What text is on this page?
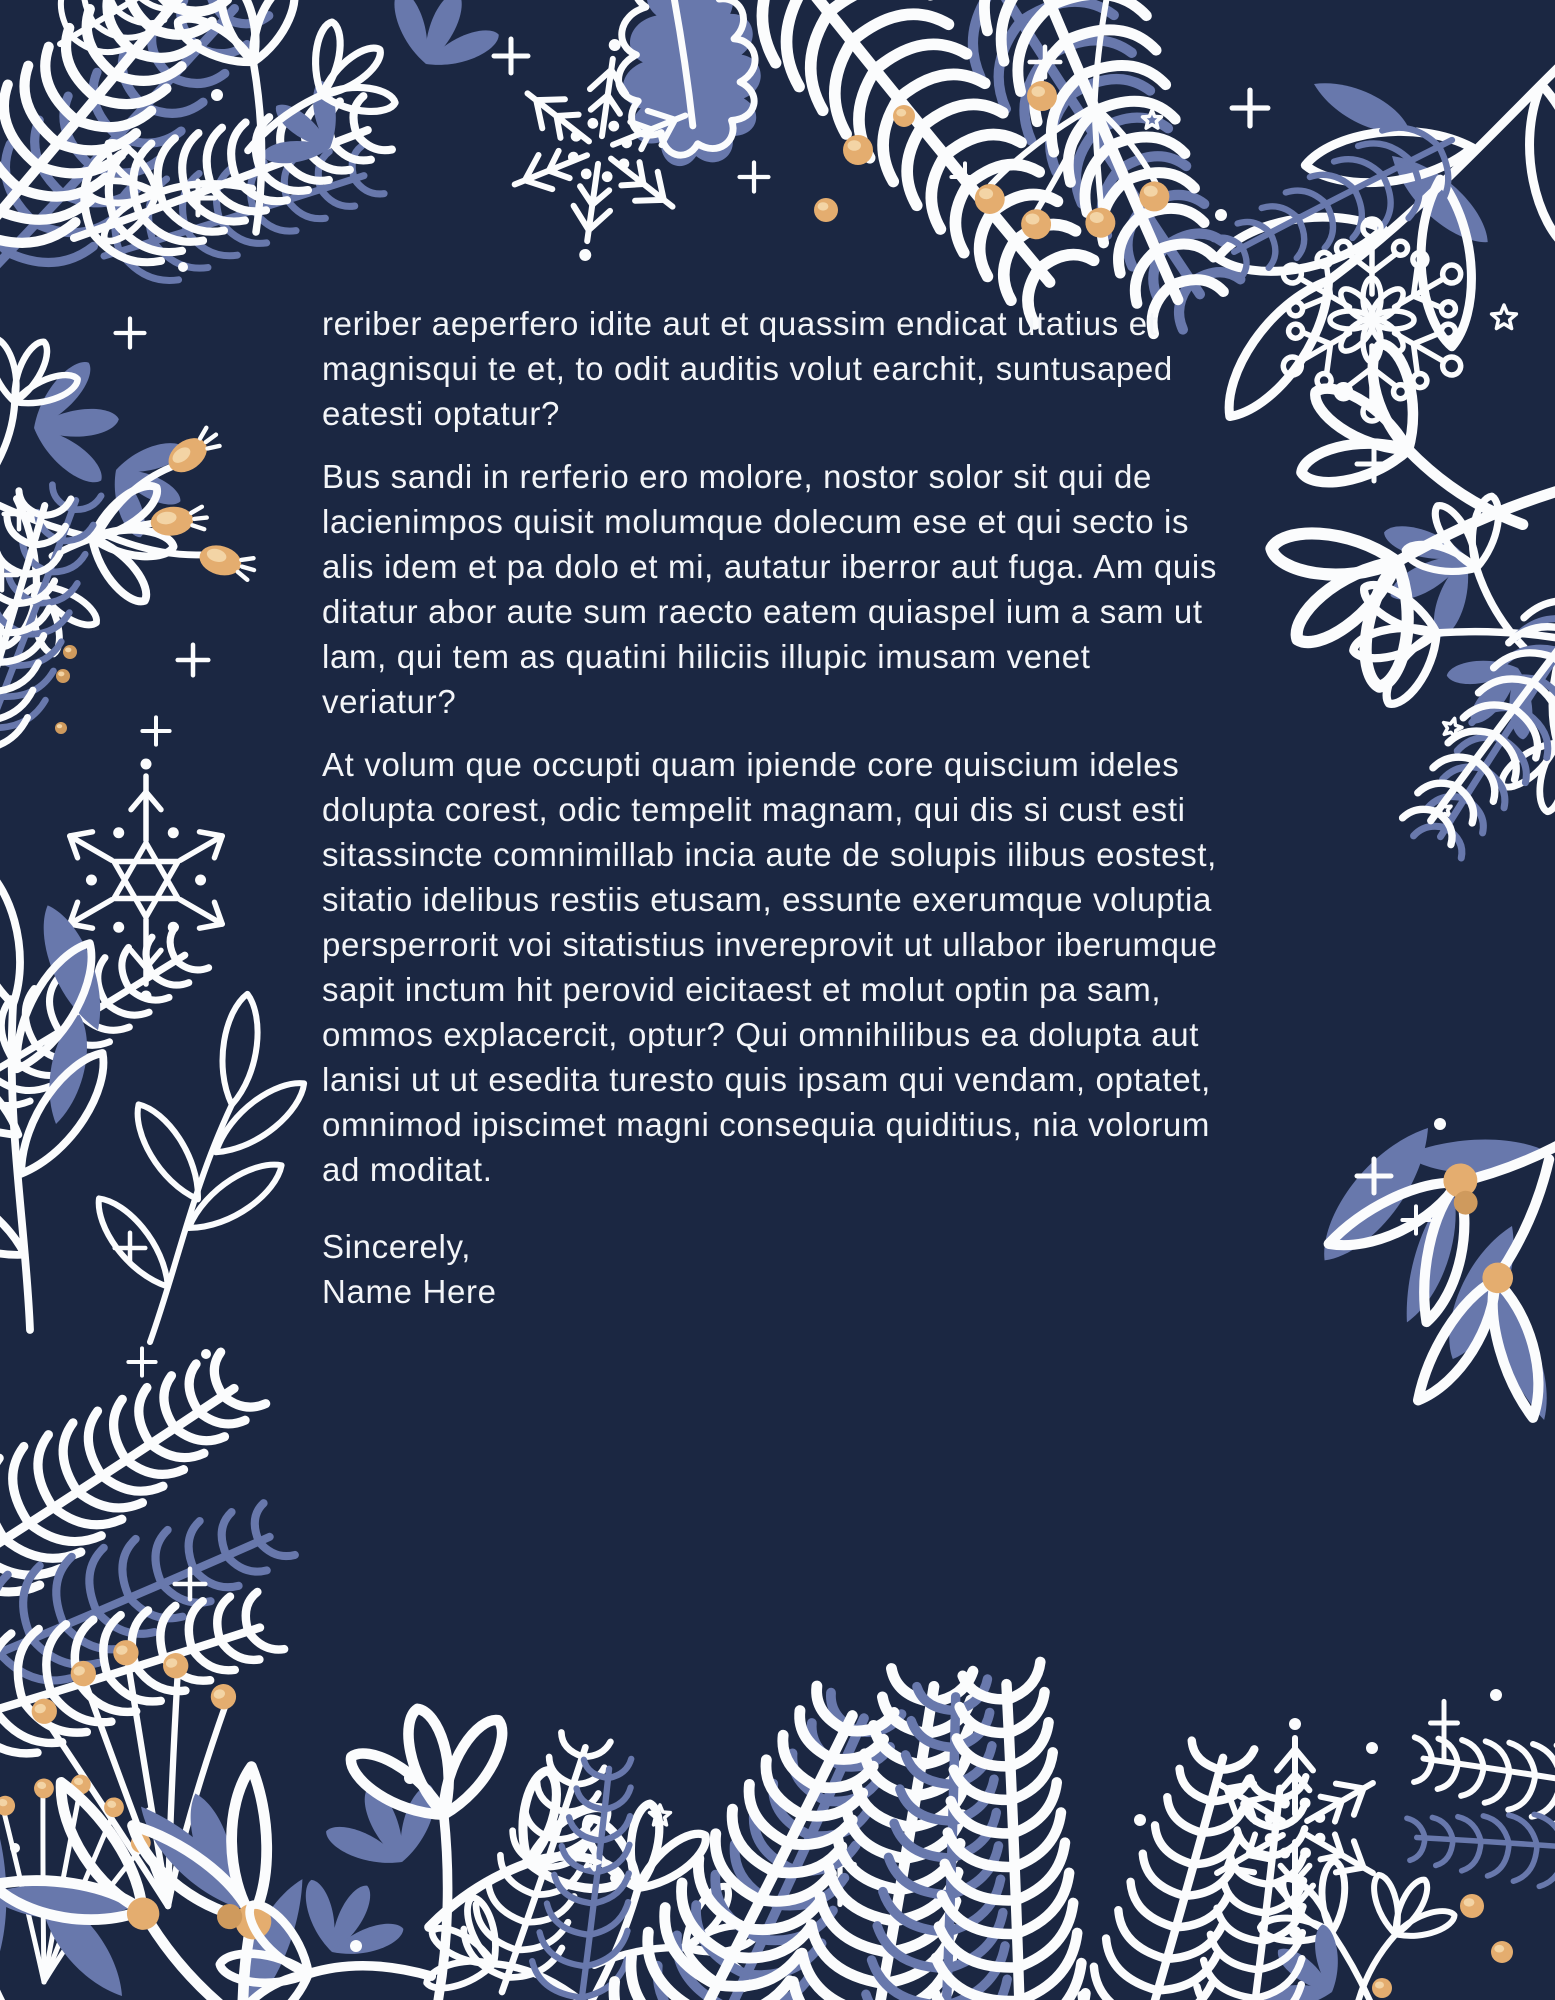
reriber aeperfero idite aut et quassim endicat utatius et magnisqui te et, to odit auditis volut earchit, suntusaped eatesti optatur?

Bus sandi in rerferio ero molore, nostor solor sit qui de lacienimpos quisit molumque dolecum ese et qui secto is alis idem et pa dolo et mi, autatur iberror aut fuga. Am quis ditatur abor aute sum raecto eatem quiaspel ium a sam ut lam, qui tem as quatini hiliciis illupic imusam venet veriatur?

At volum que occupti quam ipiende core quiscium ideles dolupta corest, odic tempelit magnam, qui dis si cust esti sitassincte comnimillab incia aute de solupis ilibus eostest, sitatio idelibus restiis etusam, essunte exerumque voluptia persperrorit voi sitatistius invereprovit ut ullabor iberumque sapit inctum hit perovid eicitaest et molut optin pa sam, ommos explacercit, optur? Qui omnihilibus ea dolupta aut lanisi ut ut esedita turesto quis ipsam qui vendam, optatet, omnimod ipiscimet magni consequia quiditius, nia volorum ad moditat.

Sincerely,

Name Here
